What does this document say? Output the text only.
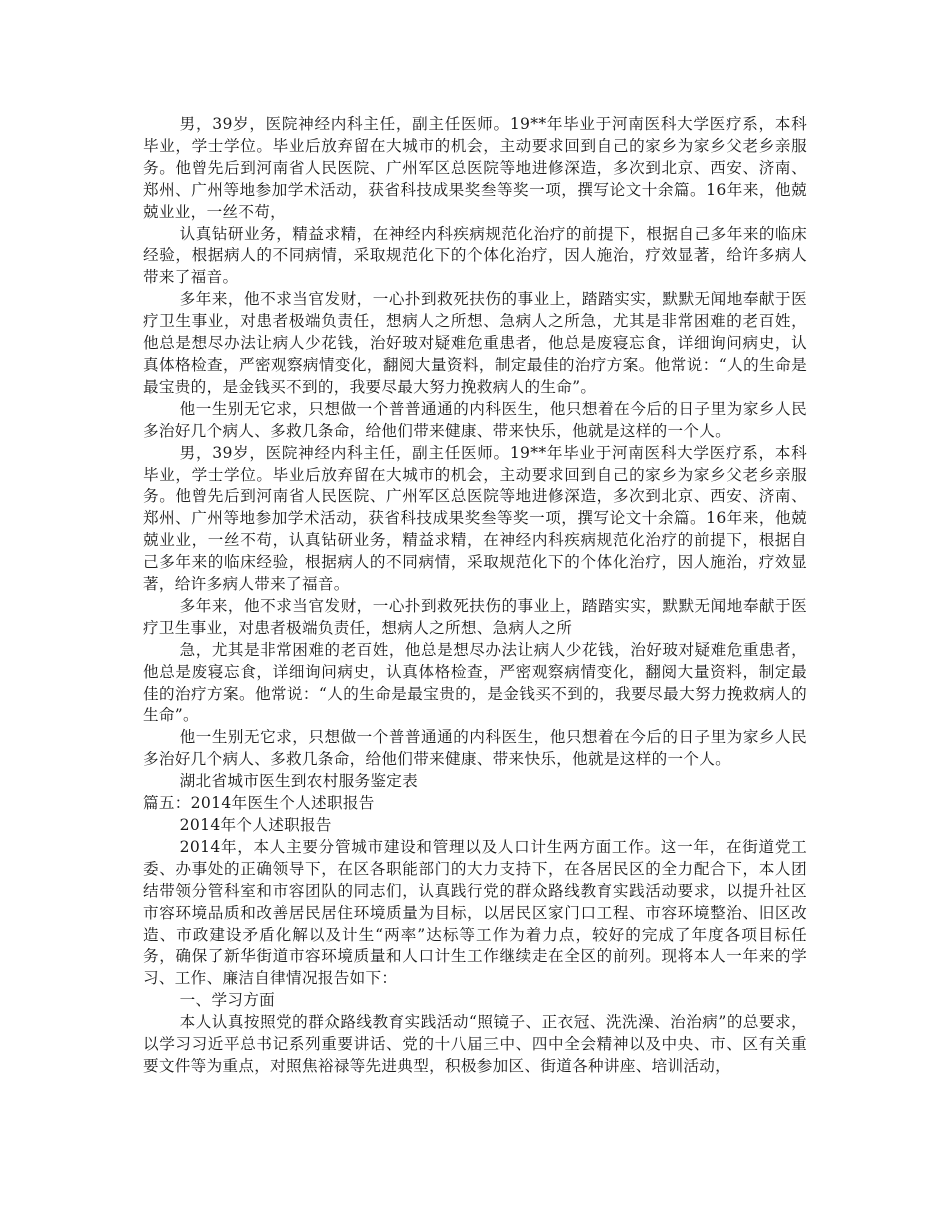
男，39岁，医院神经内科主任，副主任医师。19**年毕业于河南医科大学医疗系，本科毕业，学士学位。毕业后放弃留在大城市的机会，主动要求回到自己的家乡为家乡父老乡亲服务。他曾先后到河南省人民医院、广州军区总医院等地进修深造，多次到北京、西安、济南、郑州、广州等地参加学术活动，获省科技成果奖叁等奖一项，撰写论文十余篇。16年来，他兢兢业业，一丝不苟，

认真钻研业务，精益求精，在神经内科疾病规范化治疗的前提下，根据自己多年来的临床经验，根据病人的不同病情，采取规范化下的个体化治疗，因人施治，疗效显著，给许多病人带来了福音。

多年来，他不求当官发财，一心扑到救死扶伤的事业上，踏踏实实，默默无闻地奉献于医疗卫生事业，对患者极端负责任，想病人之所想、急病人之所急，尤其是非常困难的老百姓，他总是想尽办法让病人少花钱，治好玻对疑难危重患者，他总是废寝忘食，详细询问病史，认真体格检查，严密观察病情变化，翻阅大量资料，制定最佳的治疗方案。他常说：“人的生命是最宝贵的，是金钱买不到的，我要尽最大努力挽救病人的生命”。

他一生别无它求，只想做一个普普通通的内科医生，他只想着在今后的日子里为家乡人民多治好几个病人、多救几条命，给他们带来健康、带来快乐，他就是这样的一个人。

男，39岁，医院神经内科主任，副主任医师。19**年毕业于河南医科大学医疗系，本科毕业，学士学位。毕业后放弃留在大城市的机会，主动要求回到自己的家乡为家乡父老乡亲服务。他曾先后到河南省人民医院、广州军区总医院等地进修深造，多次到北京、西安、济南、郑州、广州等地参加学术活动，获省科技成果奖叁等奖一项，撰写论文十余篇。16年来，他兢兢业业，一丝不苟，认真钻研业务，精益求精，在神经内科疾病规范化治疗的前提下，根据自己多年来的临床经验，根据病人的不同病情，采取规范化下的个体化治疗，因人施治，疗效显著，给许多病人带来了福音。

多年来，他不求当官发财，一心扑到救死扶伤的事业上，踏踏实实，默默无闻地奉献于医疗卫生事业，对患者极端负责任，想病人之所想、急病人之所

急，尤其是非常困难的老百姓，他总是想尽办法让病人少花钱，治好玻对疑难危重患者，他总是废寝忘食，详细询问病史，认真体格检查，严密观察病情变化，翻阅大量资料，制定最佳的治疗方案。他常说：“人的生命是最宝贵的，是金钱买不到的，我要尽最大努力挽救病人的生命”。

他一生别无它求，只想做一个普普通通的内科医生，他只想着在今后的日子里为家乡人民多治好几个病人、多救几条命，给他们带来健康、带来快乐，他就是这样的一个人。

湖北省城市医生到农村服务鉴定表

篇五：2014年医生个人述职报告

2014年个人述职报告

2014年，本人主要分管城市建设和管理以及人口计生两方面工作。这一年，在街道党工委、办事处的正确领导下，在区各职能部门的大力支持下，在各居民区的全力配合下，本人团结带领分管科室和市容团队的同志们，认真践行党的群众路线教育实践活动要求，以提升社区市容环境品质和改善居民居住环境质量为目标，以居民区家门口工程、市容环境整治、旧区改造、市政建设矛盾化解以及计生“两率”达标等工作为着力点，较好的完成了年度各项目标任务，确保了新华街道市容环境质量和人口计生工作继续走在全区的前列。现将本人一年来的学习、工作、廉洁自律情况报告如下：

一、学习方面

本人认真按照党的群众路线教育实践活动“照镜子、正衣冠、洗洗澡、治治病”的总要求，以学习习近平总书记系列重要讲话、党的十八届三中、四中全会精神以及中央、市、区有关重要文件等为重点，对照焦裕禄等先进典型，积极参加区、街道各种讲座、培训活动，
